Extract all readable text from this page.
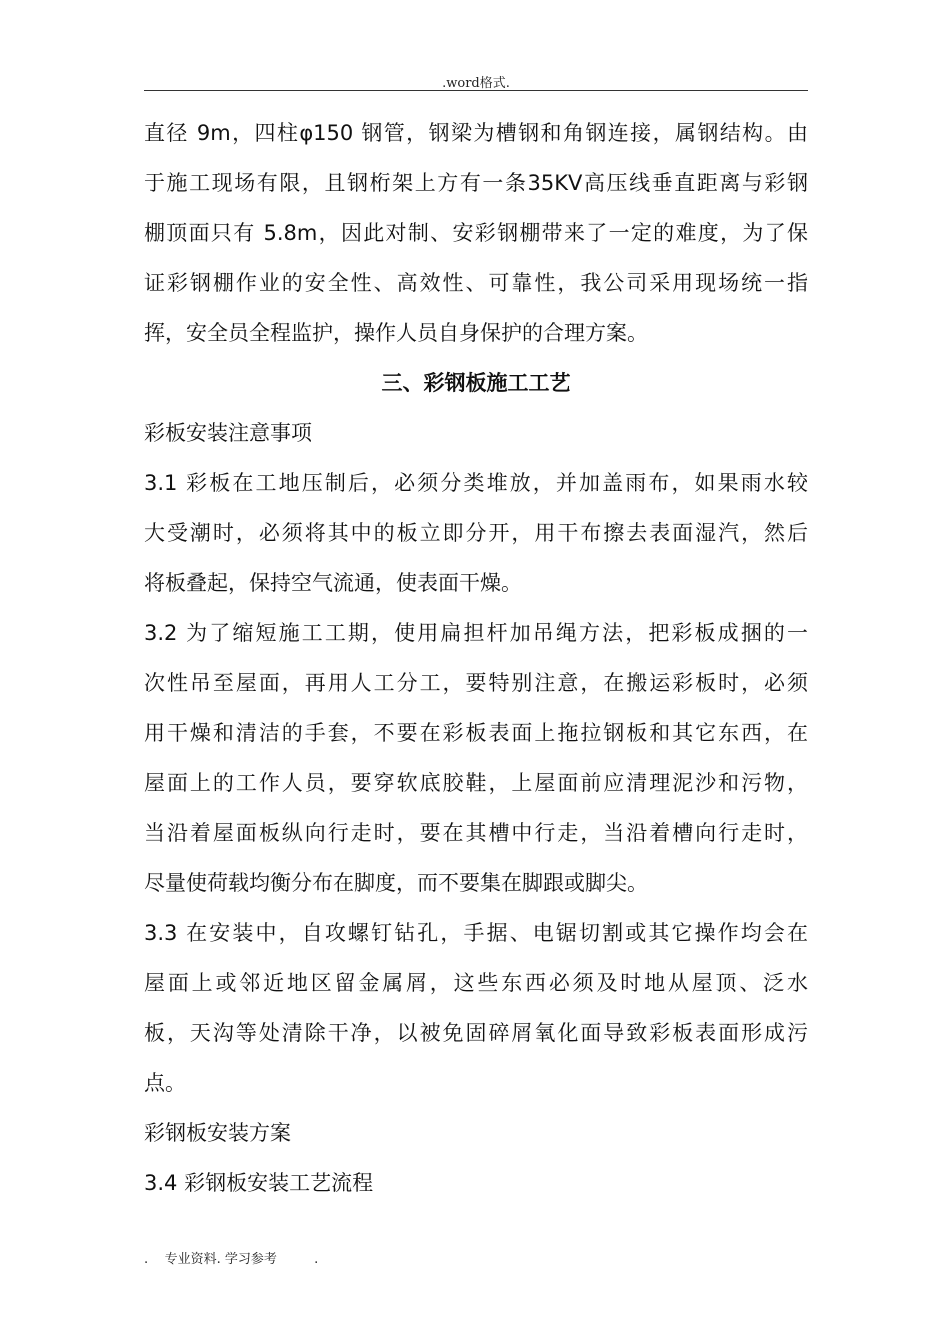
.word格式.
直径 9m，四柱φ150 钢管，钢梁为槽钢和角钢连接，属钢结构。由
于施工现场有限，且钢桁架上方有一条35KV高压线垂直距离与彩钢
棚顶面只有 5.8m，因此对制、安彩钢棚带来了一定的难度，为了保
证彩钢棚作业的安全性、高效性、可靠性，我公司采用现场统一指
挥，安全员全程监护，操作人员自身保护的合理方案。
三、彩钢板施工工艺
彩板安装注意事项
3.1 彩板在工地压制后，必须分类堆放，并加盖雨布，如果雨水较
大受潮时，必须将其中的板立即分开，用干布擦去表面湿汽，然后
将板叠起，保持空气流通，使表面干燥。
3.2 为了缩短施工工期，使用扁担杆加吊绳方法，把彩板成捆的一
次性吊至屋面，再用人工分工，要特别注意，在搬运彩板时，必须
用干燥和清洁的手套，不要在彩板表面上拖拉钢板和其它东西，在
屋面上的工作人员，要穿软底胶鞋，上屋面前应清理泥沙和污物，
当沿着屋面板纵向行走时，要在其槽中行走，当沿着槽向行走时，
尽量使荷载均衡分布在脚度，而不要集在脚跟或脚尖。
3.3 在安装中，自攻螺钉钻孔，手据、电锯切割或其它操作均会在
屋面上或邻近地区留金属屑，这些东西必须及时地从屋顶、泛水
板，天沟等处清除干净，以被免固碎屑氧化面导致彩板表面形成污
点。
彩钢板安装方案
3.4 彩钢板安装工艺流程
.    专业资料. 学习参考         .
